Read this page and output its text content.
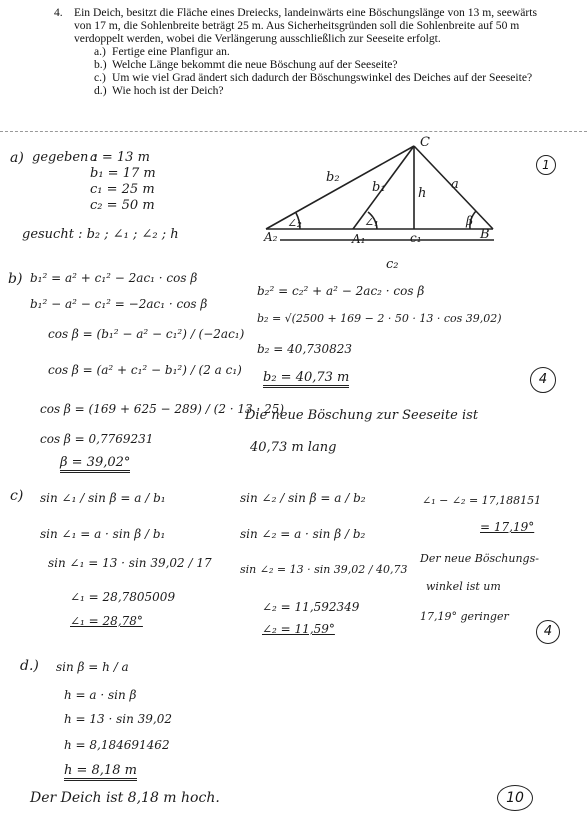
4. Ein Deich, besitzt die Fläche eines Dreiecks, landeinwärts eine Böschungslänge von 13 m, seewärts von 17 m, die Sohlenbreite beträgt 25 m. Aus Sicherheitsgründen soll die Sohlenbreite auf 50 m verdoppelt werden, wobei die Verlängerung ausschließlich zur Seeseite erfolgt.
a.) Fertige eine Planfigur an.
b.) Welche Länge bekommt die neue Böschung auf der Seeseite?
c.) Um wie viel Grad ändert sich dadurch der Böschungswinkel des Deiches auf der Seeseite?
d.) Wie hoch ist der Deich?
C
A₂	A₁	B
b₂
b₁ h
a
c₁
c₂
∠₂	∠₁	β
a) gegeben :
a = 13 m
b₁ = 17 m
c₁ = 25 m
c₂ = 50 m
gesucht : b₂ ; ∠₁ ; ∠₂ ; h
1
b) b₁² = a² + c₁² − 2ac₁ · cos β
b₁² − a² − c₁² = −2ac₁ · cos β
cos β = (b₁² − a² − c₁²) / (−2ac₁)
cos β = (a² + c₁² − b₁²) / (2 a c₁)
cos β = (169 + 625 − 289) / (2 · 13 · 25)
cos β = 0,7769231
β = 39,02°
b₂² = c₂² + a² − 2ac₂ · cos β
b₂ = √(2500 + 169 − 2 · 50 · 13 · cos 39,02)
b₂ = 40,730823
b₂ = 40,73 m
Die neue Böschung zur Seeseite ist
40,73 m lang
4
c) sin ∠₁ / sin β = a / b₁
sin ∠₁ = a · sin β / b₁
sin ∠₁ = 13 · sin 39,02 / 17
∠₁ = 28,7805009
∠₁ = 28,78°
sin ∠₂ / sin β = a / b₂
sin ∠₂ = a · sin β / b₂
sin ∠₂ = 13 · sin 39,02 / 40,73
∠₂ = 11,592349
∠₂ = 11,59°
∠₁ − ∠₂ = 17,188151
= 17,19°
Der neue Böschungs-
winkel ist um
17,19° geringer
4
d.) sin β = h / a
h = a · sin β
h = 13 · sin 39,02
h = 8,184691462
h = 8,18 m
Der Deich ist 8,18 m hoch.	10
